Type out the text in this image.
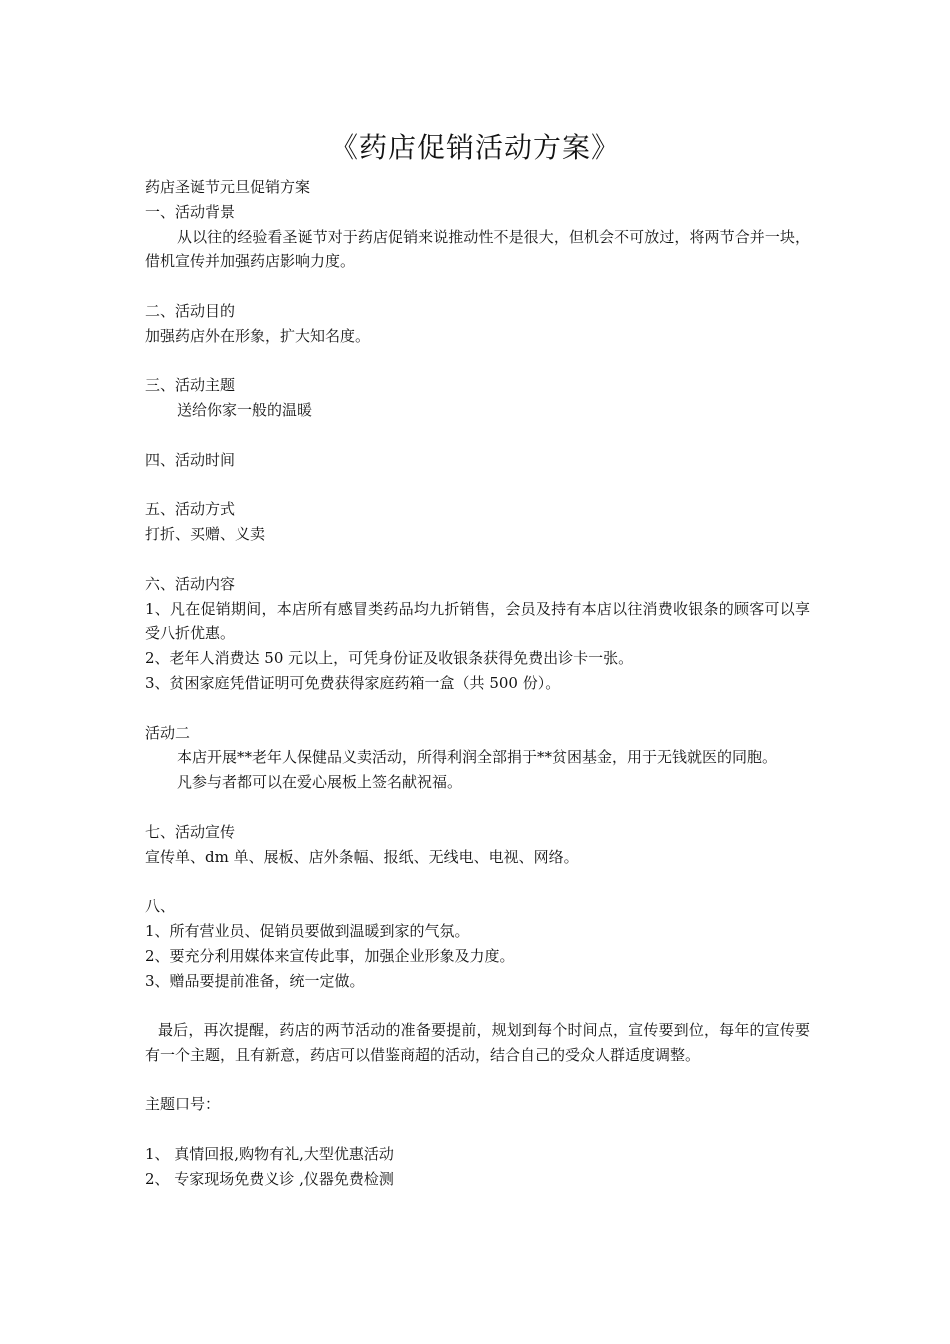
《药店促销活动方案》

药店圣诞节元旦促销方案

一、活动背景

从以往的经验看圣诞节对于药店促销来说推动性不是很大，但机会不可放过，将两节合并一块，借机宣传并加强药店影响力度。

二、活动目的

加强药店外在形象，扩大知名度。

三、活动主题

送给你家一般的温暖

四、活动时间

五、活动方式

打折、买赠、义卖

六、活动内容

1、凡在促销期间，本店所有感冒类药品均九折销售，会员及持有本店以往消费收银条的顾客可以享受八折优惠。

2、老年人消费达 50 元以上，可凭身份证及收银条获得免费出诊卡一张。

3、贫困家庭凭借证明可免费获得家庭药箱一盒（共 500 份）。

活动二

本店开展**老年人保健品义卖活动，所得利润全部捐于**贫困基金，用于无钱就医的同胞。

凡参与者都可以在爱心展板上签名献祝福。

七、活动宣传

宣传单、dm 单、展板、店外条幅、报纸、无线电、电视、网络。

八、

1、所有营业员、促销员要做到温暖到家的气氛。

2、要充分利用媒体来宣传此事，加强企业形象及力度。

3、赠品要提前准备，统一定做。

最后，再次提醒，药店的两节活动的准备要提前，规划到每个时间点，宣传要到位，每年的宣传要有一个主题，且有新意，药店可以借鉴商超的活动，结合自己的受众人群适度调整。

主题口号：

1、 真情回报,购物有礼,大型优惠活动

2、 专家现场免费义诊 ,仪器免费检测
